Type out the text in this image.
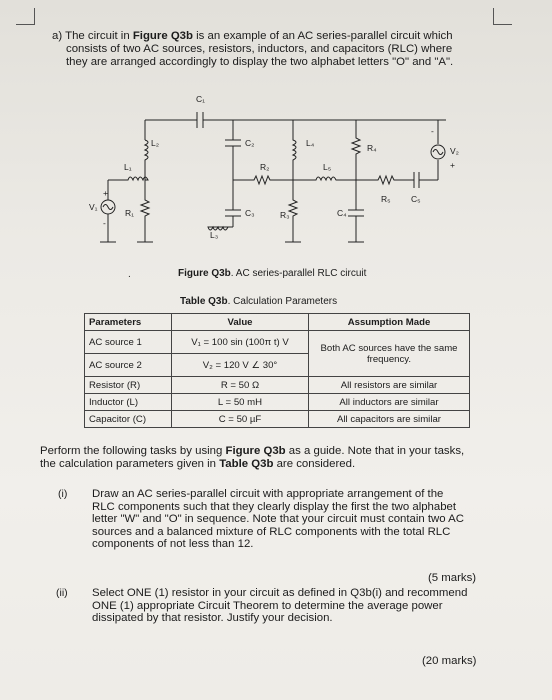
a) The circuit in Figure Q3b is an example of an AC series-parallel circuit which
consists of two AC sources, resistors, inductors, and capacitors (RLC) where
they are arranged accordingly to display the two alphabet letters "O" and "A".
C₁
L₂
L₁
V₁
+
-
R₁
C₂
R₂
C₃
L₃
L₄
R₃
L₅
R₄
C₄
R₅ C₅
V₂
+
-
.	Figure Q3b. AC series-parallel RLC circuit
Table Q3b. Calculation Parameters
Parameters	Value	Assumption Made
AC source 1	V₁ = 100 sin (100π t) V	Both AC sources have the same
frequency.

AC source 2	V₂ = 120 V ∠ 30°	
Resistor (R)	R = 50 Ω	All resistors are similar
Inductor (L)	L = 50 mH	All inductors are similar
Capacitor (C)	C = 50 µF	All capacitors are similar
Perform the following tasks by using Figure Q3b as a guide. Note that in your tasks,
the calculation parameters given in Table Q3b are considered.
(i) Draw an AC series-parallel circuit with appropriate arrangement of the
RLC components such that they clearly display the first the two alphabet
letter "W" and "O" in sequence. Note that your circuit must contain two AC
sources and a balanced mixture of RLC components with the total RLC
components of not less than 12.
(5 marks)
(ii) Select ONE (1) resistor in your circuit as defined in Q3b(i) and recommend
ONE (1) appropriate Circuit Theorem to determine the average power
dissipated by that resistor. Justify your decision.
(20 marks)
